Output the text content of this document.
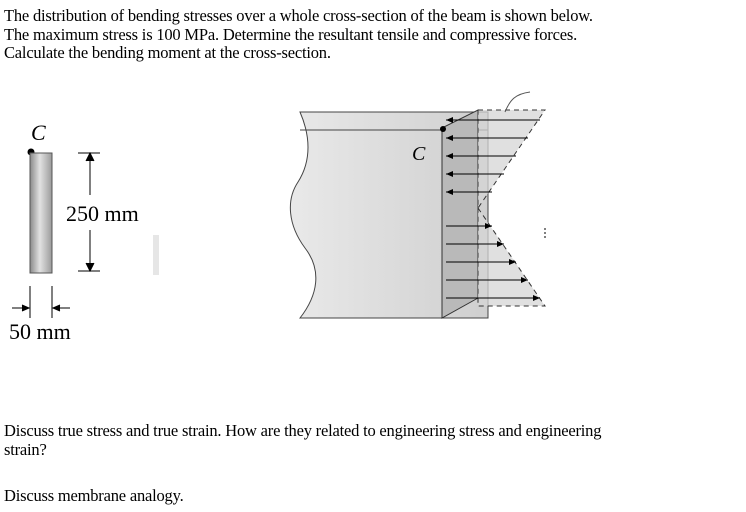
The distribution of bending stresses over a whole cross-section of the beam is shown below.
The maximum stress is 100 MPa. Determine the resultant tensile and compressive forces.
Calculate the bending moment at the cross-section.
C
250 mm
50 mm
C
Discuss true stress and true strain. How are they related to engineering stress and engineering
strain?
Discuss membrane analogy.
